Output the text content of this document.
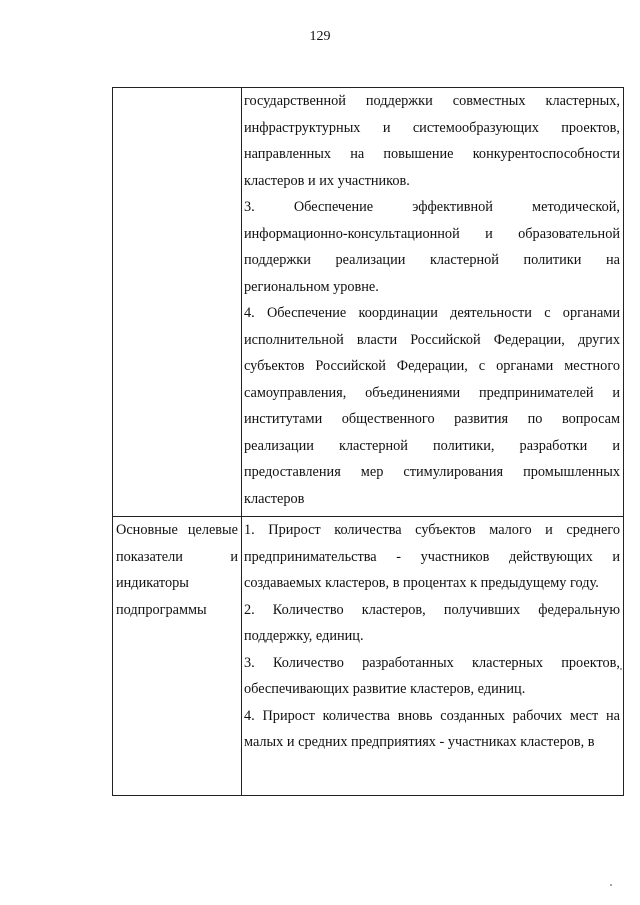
129

	государственной поддержки совместных кластерных, инфраструктурных и системообразующих проектов, направленных на повышение конкурентоспособности кластеров и их участников.

3. Обеспечение эффективной методической, информационно-консультационной и образовательной поддержки реализации кластерной политики на региональном уровне.

4. Обеспечение координации деятельности с органами исполнительной власти Российской Федерации, других субъектов Российской Федерации, с органами местного самоуправления, объединениями предпринимателей и институтами общественного развития по вопросам реализации кластерной политики, разработки и предоставления мер стимулирования промышленных кластеров

Основные целевые показатели и индикаторы подпрограммы	1. Прирост количества субъектов малого и среднего предпринимательства - участников действующих и создаваемых кластеров, в процентах к предыдущему году.

2. Количество кластеров, получивших федеральную поддержку, единиц.

3. Количество разработанных кластерных проектов, обеспечивающих развитие кластеров, единиц.

4. Прирост количества вновь созданных рабочих мест на малых и средних предприятиях - участниках кластеров, в
